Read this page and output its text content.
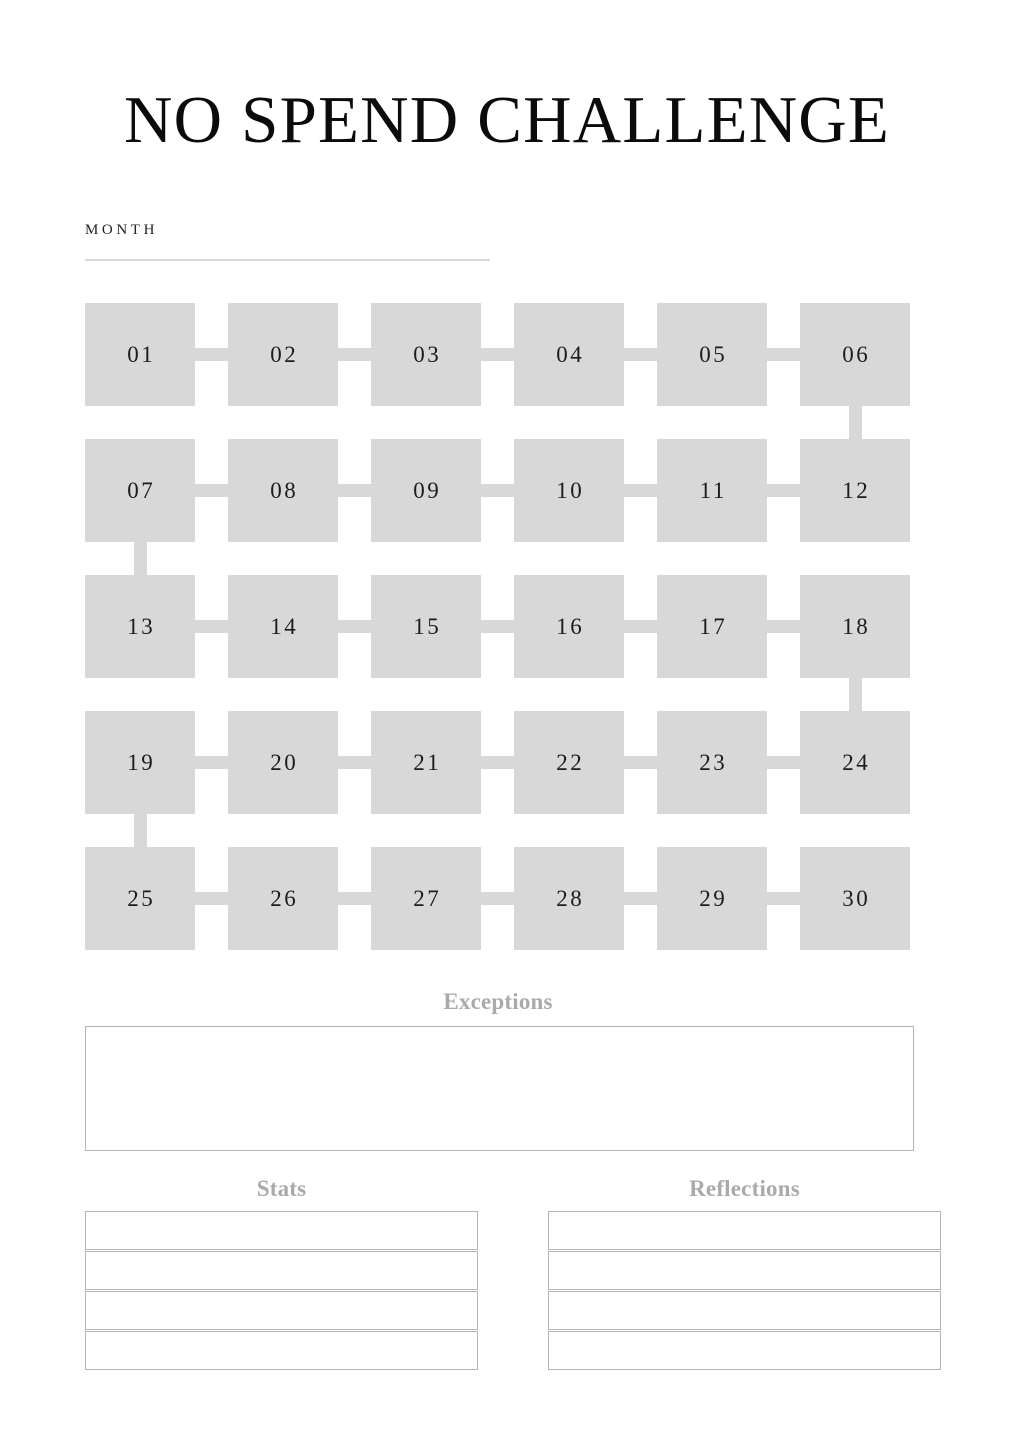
NO SPEND CHALLENGE
MONTH
01	02	03	04	05	06
07	08	09	10	11	12
13	14	15	16	17	18
19	20	21	22	23	24
25	26	27	28	29	30
Exceptions
Stats	Reflections
